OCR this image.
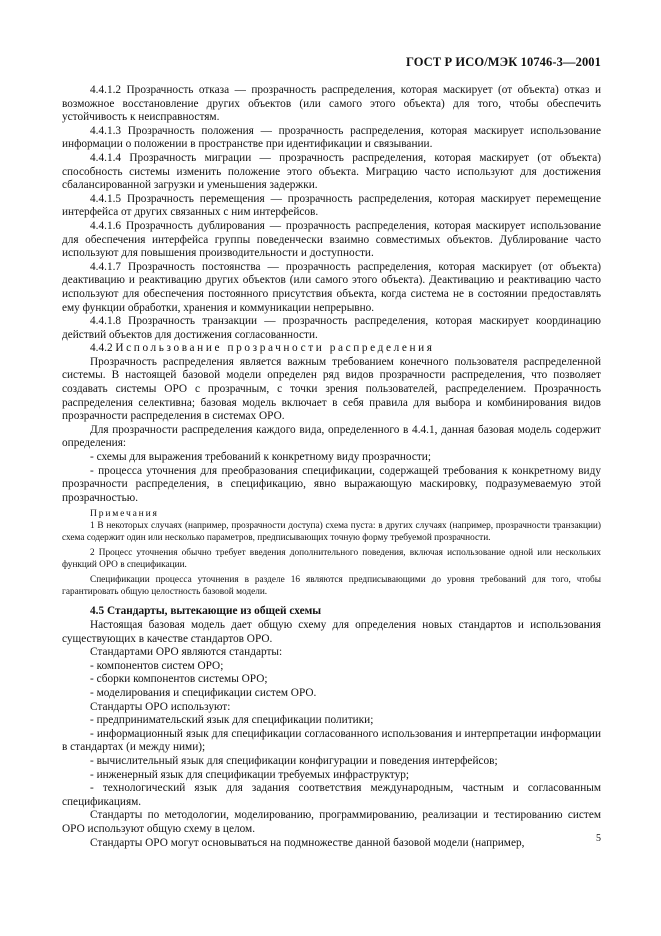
ГОСТ Р ИСО/МЭК 10746-3—2001

4.4.1.2 Прозрачность отказа — прозрачность распределения, которая маскирует (от объекта) отказ и возможное восстановление других объектов (или самого этого объекта) для того, чтобы обеспечить устойчивость к неисправностям.

4.4.1.3 Прозрачность положения — прозрачность распределения, которая маскирует использование информации о положении в пространстве при идентификации и связывании.

4.4.1.4 Прозрачность миграции — прозрачность распределения, которая маскирует (от объекта) способность системы изменить положение этого объекта. Миграцию часто используют для достижения сбалансированной загрузки и уменьшения задержки.

4.4.1.5 Прозрачность перемещения — прозрачность распределения, которая маскирует перемещение интерфейса от других связанных с ним интерфейсов.

4.4.1.6 Прозрачность дублирования — прозрачность распределения, которая маскирует использование для обеспечения интерфейса группы поведенчески взаимно совместимых объектов. Дублирование часто используют для повышения производительности и доступности.

4.4.1.7 Прозрачность постоянства — прозрачность распределения, которая маскирует (от объекта) деактивацию и реактивацию других объектов (или самого этого объекта). Деактивацию и реактивацию часто используют для обеспечения постоянного присутствия объекта, когда система не в состоянии предоставлять ему функции обработки, хранения и коммуникации непрерывно.

4.4.1.8 Прозрачность транзакции — прозрачность распределения, которая маскирует координацию действий объектов для достижения согласованности.

4.4.2 Использование прозрачности распределения

Прозрачность распределения является важным требованием конечного пользователя распределенной системы. В настоящей базовой модели определен ряд видов прозрачности распределения, что позволяет создавать системы ОРО с прозрачным, с точки зрения пользователей, распределением. Прозрачность распределения селективна; базовая модель включает в себя правила для выбора и комбинирования видов прозрачности распределения в системах ОРО.

Для прозрачности распределения каждого вида, определенного в 4.4.1, данная базовая модель содержит определения:

- схемы для выражения требований к конкретному виду прозрачности;

- процесса уточнения для преобразования спецификации, содержащей требования к конкретному виду прозрачности распределения, в спецификацию, явно выражающую маскировку, подразумеваемую этой прозрачностью.

Примечания

1 В некоторых случаях (например, прозрачности доступа) схема пуста: в других случаях (например, прозрачности транзакции) схема содержит один или несколько параметров, предписывающих точную форму требуемой прозрачности.

2 Процесс уточнения обычно требует введения дополнительного поведения, включая использование одной или нескольких функций ОРО в спецификации.

Спецификации процесса уточнения в разделе 16 являются предписывающими до уровня требований для того, чтобы гарантировать общую целостность базовой модели.

4.5 Стандарты, вытекающие из общей схемы

Настоящая базовая модель дает общую схему для определения новых стандартов и использования существующих в качестве стандартов ОРО.

Стандартами ОРО являются стандарты:

- компонентов систем ОРО;

- сборки компонентов системы ОРО;

- моделирования и спецификации систем ОРО.

Стандарты ОРО используют:

- предпринимательский язык для спецификации политики;

- информационный язык для спецификации согласованного использования и интерпретации информации в стандартах (и между ними);

- вычислительный язык для спецификации конфигурации и поведения интерфейсов;

- инженерный язык для спецификации требуемых инфраструктур;

- технологический язык для задания соответствия международным, частным и согласованным спецификациям.

Стандарты по методологии, моделированию, программированию, реализации и тестированию систем ОРО используют общую схему в целом.

Стандарты ОРО могут основываться на подмножестве данной базовой модели (например,	5
